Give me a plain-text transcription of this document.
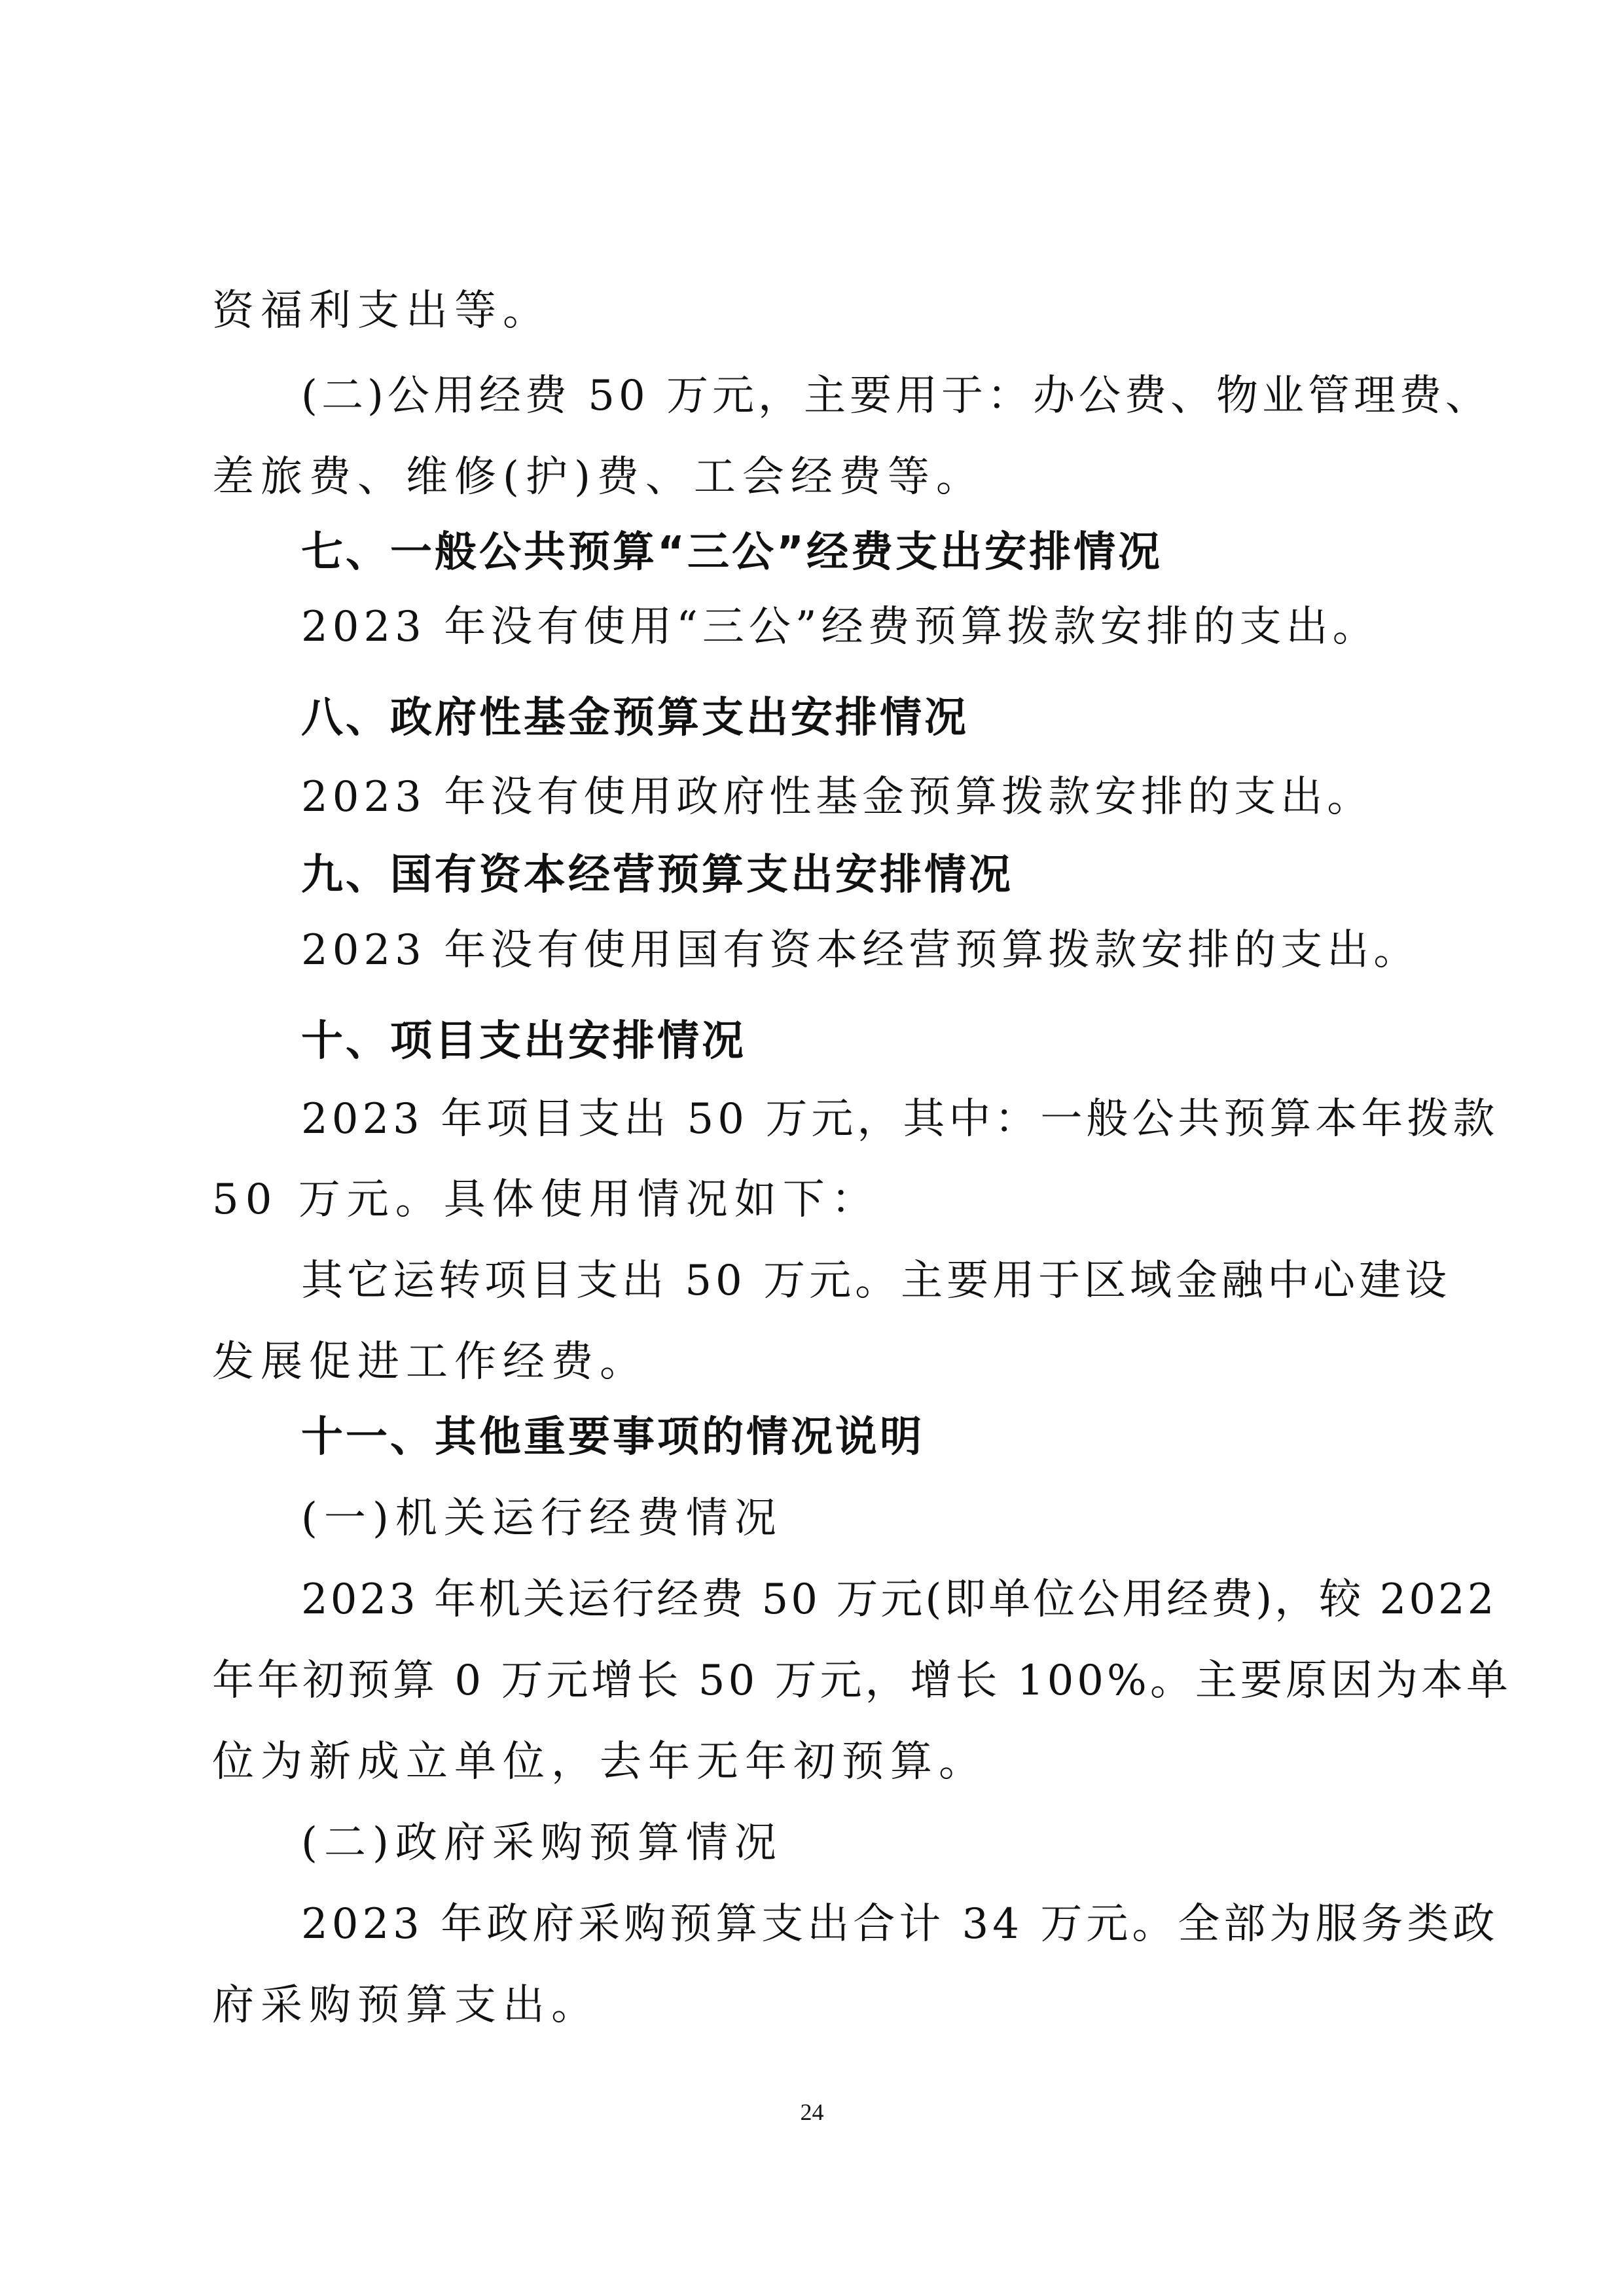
资福利支出等。
(二)公用经费 50 万元，主要用于：办公费、物业管理费、
差旅费、维修(护)费、工会经费等。
七、一般公共预算“三公”经费支出安排情况
2023 年没有使用“三公”经费预算拨款安排的支出。
八、政府性基金预算支出安排情况
2023 年没有使用政府性基金预算拨款安排的支出。
九、国有资本经营预算支出安排情况
2023 年没有使用国有资本经营预算拨款安排的支出。
十、项目支出安排情况
2023 年项目支出 50 万元，其中：一般公共预算本年拨款
50 万元。具体使用情况如下：
其它运转项目支出 50 万元。主要用于区域金融中心建设
发展促进工作经费。
十一、其他重要事项的情况说明
(一)机关运行经费情况
2023 年机关运行经费 50 万元(即单位公用经费)，较 2022
年年初预算 0 万元增长 50 万元，增长 100%。主要原因为本单
位为新成立单位，去年无年初预算。
(二)政府采购预算情况
2023 年政府采购预算支出合计 34 万元。全部为服务类政
府采购预算支出。
24
